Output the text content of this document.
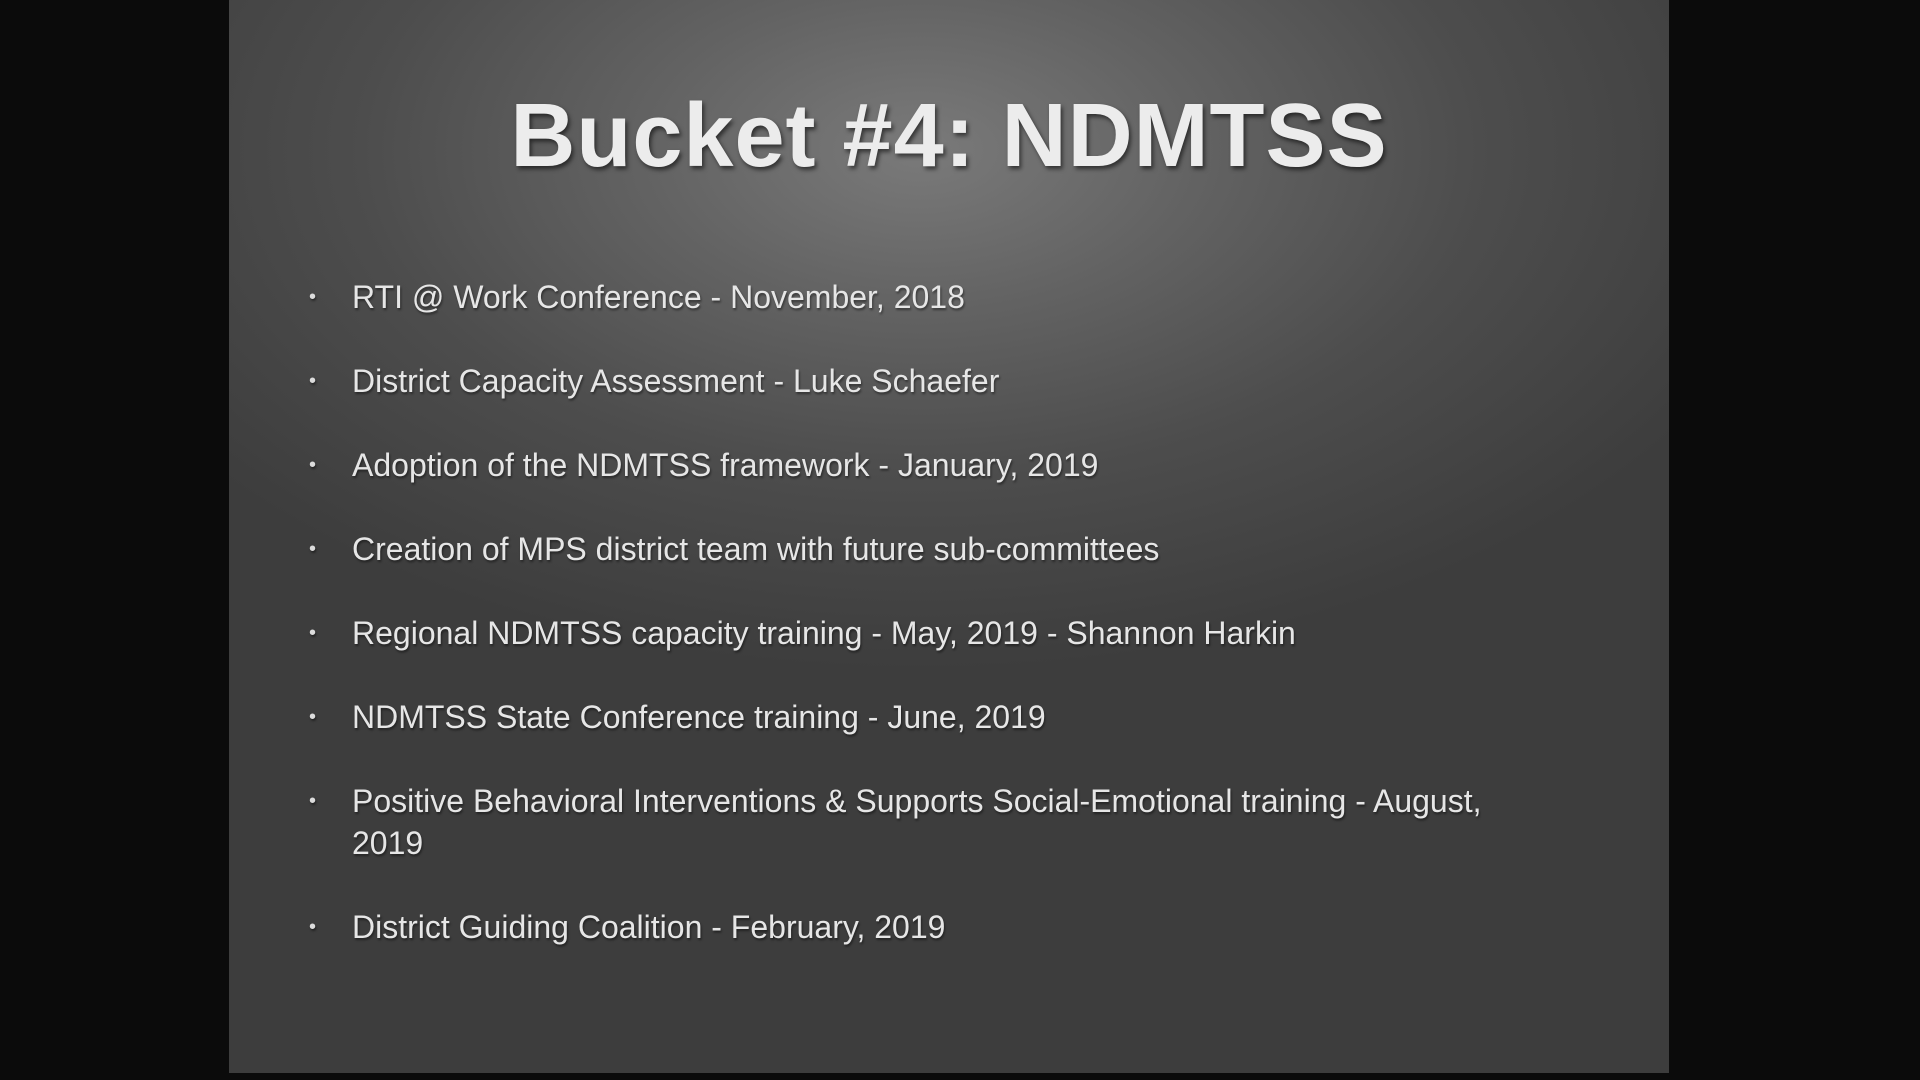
Bucket #4: NDMTSS
• RTI @ Work Conference - November, 2018
• District Capacity Assessment - Luke Schaefer
• Adoption of the NDMTSS framework - January, 2019
• Creation of MPS district team with future sub-committees
• Regional NDMTSS capacity training - May, 2019 - Shannon Harkin
• NDMTSS State Conference training - June, 2019
• Positive Behavioral Interventions & Supports Social-Emotional training - August, 2019
• District Guiding Coalition - February, 2019
